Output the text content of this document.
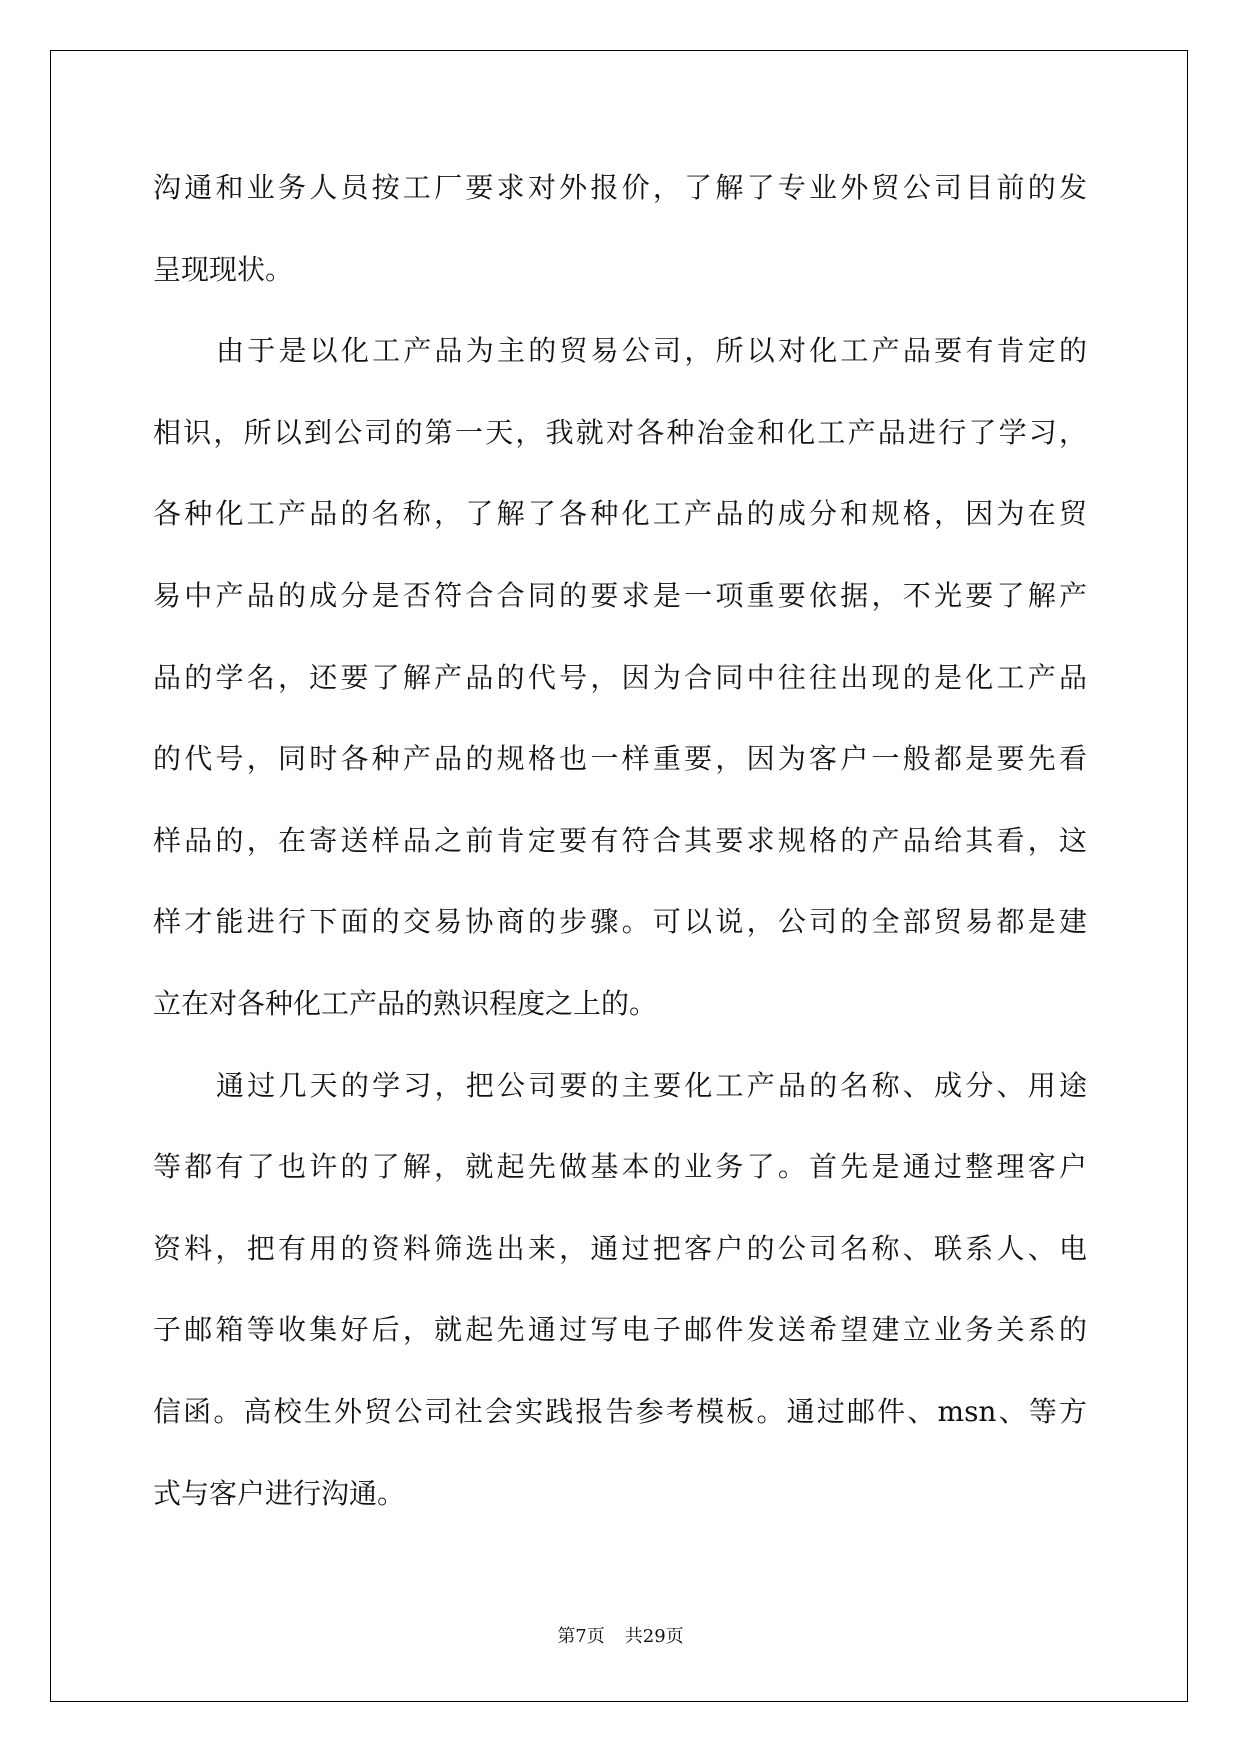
沟通和业务人员按工厂要求对外报价，了解了专业外贸公司目前的发
呈现现状。
由于是以化工产品为主的贸易公司，所以对化工产品要有肯定的
相识，所以到公司的第一天，我就对各种冶金和化工产品进行了学习，
各种化工产品的名称，了解了各种化工产品的成分和规格，因为在贸
易中产品的成分是否符合合同的要求是一项重要依据，不光要了解产
品的学名，还要了解产品的代号，因为合同中往往出现的是化工产品
的代号，同时各种产品的规格也一样重要，因为客户一般都是要先看
样品的，在寄送样品之前肯定要有符合其要求规格的产品给其看，这
样才能进行下面的交易协商的步骤。可以说，公司的全部贸易都是建
立在对各种化工产品的熟识程度之上的。
通过几天的学习，把公司要的主要化工产品的名称、成分、用途
等都有了也许的了解，就起先做基本的业务了。首先是通过整理客户
资料，把有用的资料筛选出来，通过把客户的公司名称、联系人、电
子邮箱等收集好后，就起先通过写电子邮件发送希望建立业务关系的
信函。高校生外贸公司社会实践报告参考模板。通过邮件、msn、等方
式与客户进行沟通。
第7页 共29页
